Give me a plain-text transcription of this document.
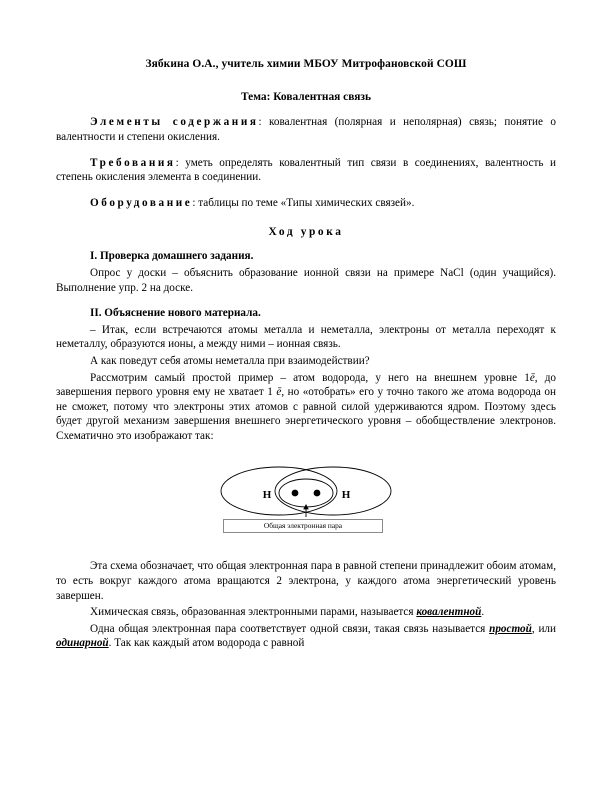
Зябкина О.А., учитель химии МБОУ Митрофановской СОШ
Тема: Ковалентная связь

Элементы содержания: ковалентная (полярная и неполярная) связь; понятие о валентности и степени окисления.

Требования: уметь определять ковалентный тип связи в соединениях, валентность и степень окисления элемента в соединении.

Оборудование: таблицы по теме «Типы химических связей».

Ход урока

I. Проверка домашнего задания.

Опрос у доски – объяснить образование ионной связи на примере NaCl (один учащийся). Выполнение упр. 2 на доске.

II. Объяснение нового материала.

– Итак, если встречаются атомы металла и неметалла, электроны от металла переходят к неметаллу, образуются ионы, а между ними – ионная связь.

А как поведут себя атомы неметалла при взаимодействии?

Рассмотрим самый простой пример – атом водорода, у него на внешнем уровне 1ē, до завершения первого уровня ему не хватает 1 ē, но «отобрать» его у точно такого же атома водорода он не сможет, потому что электроны этих атомов с равной силой удерживаются ядром. Поэтому здесь будет другой механизм завершения внешнего энергетического уровня – обобществление электронов. Схематично это изображают так:

Н	Н
Общая электронная пара

Эта схема обозначает, что общая электронная пара в равной степени принадлежит обоим атомам, то есть вокруг каждого атома вращаются 2 электрона, у каждого атома энергетический уровень завершен.

Химическая связь, образованная электронными парами, называется ковалентной.

Одна общая электронная пара соответствует одной связи, такая связь называется простой, или одинарной. Так как каждый атом водорода с равной
